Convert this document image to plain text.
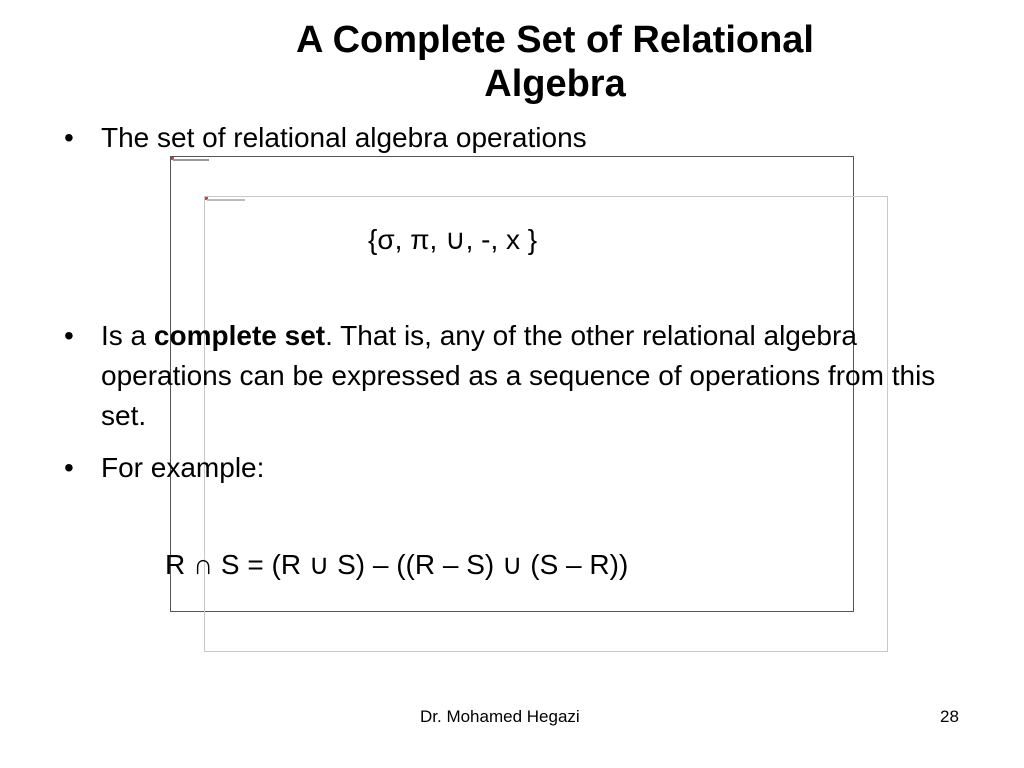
A Complete Set of Relational
Algebra
• The set of relational algebra operations
{σ, π, ∪, -, x }
• Is a complete set. That is, any of the other relational algebra operations can be expressed as a sequence of operations from this set.
• For example:
R ∩ S = (R ∪ S) – ((R – S) ∪ (S – R))
Dr. Mohamed Hegazi	28
